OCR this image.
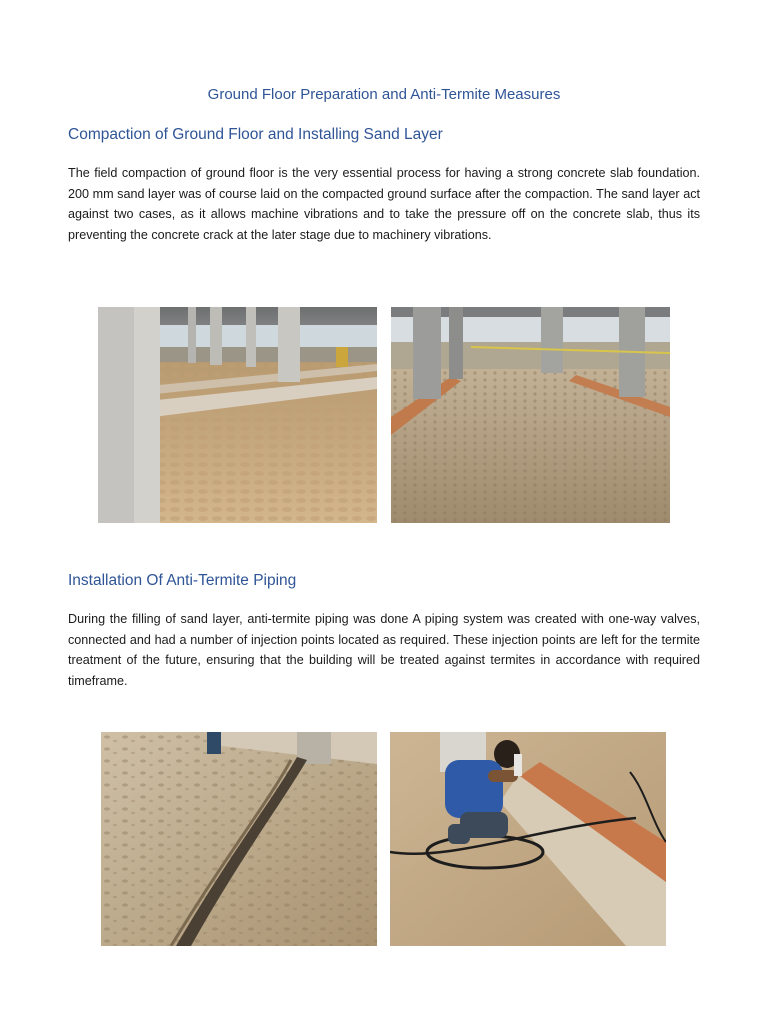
Ground Floor Preparation and Anti-Termite Measures
Compaction of Ground Floor and Installing Sand Layer
The field compaction of ground floor is the very essential process for having a strong concrete slab foundation. 200 mm sand layer was of course laid on the compacted ground surface after the compaction. The sand layer act against two cases, as it allows machine vibrations and to take the pressure off on the concrete slab, thus its preventing the concrete crack at the later stage due to machinery vibrations.
Installation Of Anti-Termite Piping
During the filling of sand layer, anti-termite piping was done A piping system was created with one-way valves, connected and had a number of injection points located as required. These injection points are left for the termite treatment of the future, ensuring that the building will be treated against termites in accordance with required timeframe.
